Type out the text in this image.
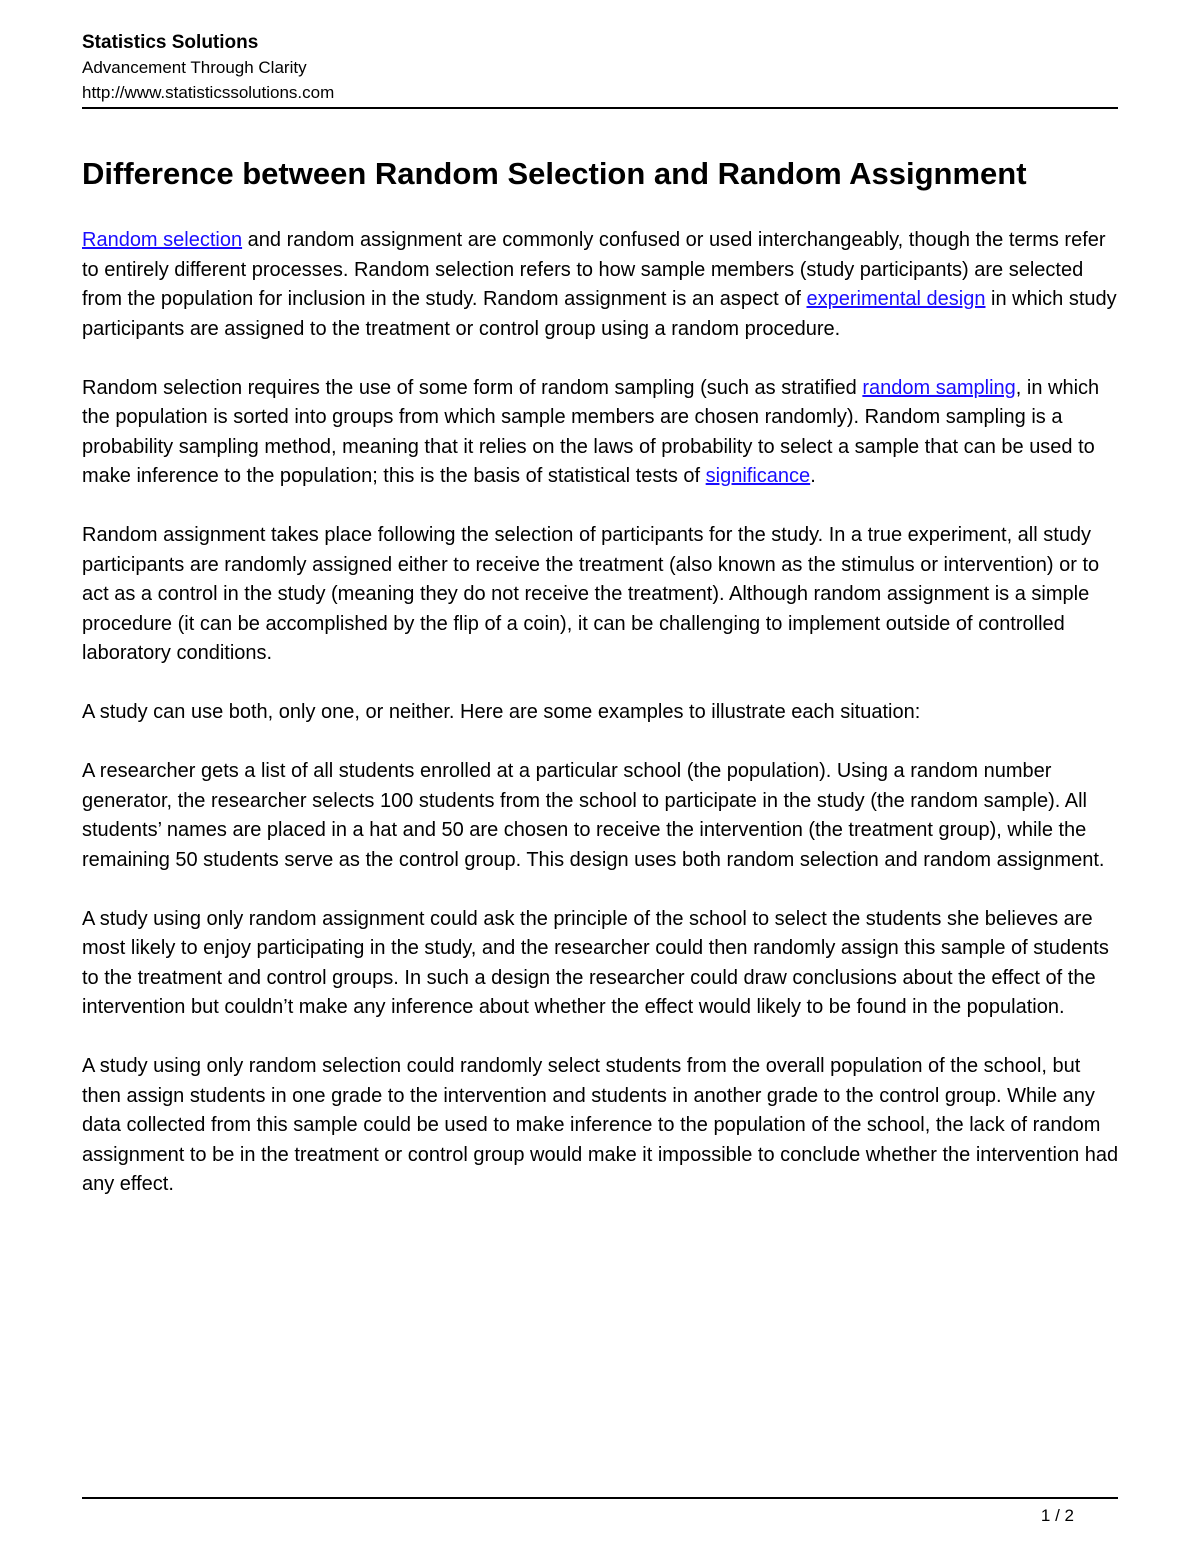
Statistics Solutions
Advancement Through Clarity
http://www.statisticssolutions.com
Difference between Random Selection and Random Assignment

Random selection and random assignment are commonly confused or used interchangeably, though the terms refer to entirely different processes. Random selection refers to how sample members (study participants) are selected from the population for inclusion in the study. Random assignment is an aspect of experimental design in which study participants are assigned to the treatment or control group using a random procedure.

Random selection requires the use of some form of random sampling (such as stratified random sampling, in which the population is sorted into groups from which sample members are chosen randomly). Random sampling is a probability sampling method, meaning that it relies on the laws of probability to select a sample that can be used to make inference to the population; this is the basis of statistical tests of significance.

Random assignment takes place following the selection of participants for the study. In a true experiment, all study participants are randomly assigned either to receive the treatment (also known as the stimulus or intervention) or to act as a control in the study (meaning they do not receive the treatment). Although random assignment is a simple procedure (it can be accomplished by the flip of a coin), it can be challenging to implement outside of controlled laboratory conditions.

A study can use both, only one, or neither. Here are some examples to illustrate each situation:

A researcher gets a list of all students enrolled at a particular school (the population). Using a random number generator, the researcher selects 100 students from the school to participate in the study (the random sample). All students’ names are placed in a hat and 50 are chosen to receive the intervention (the treatment group), while the remaining 50 students serve as the control group. This design uses both random selection and random assignment.

A study using only random assignment could ask the principle of the school to select the students she believes are most likely to enjoy participating in the study, and the researcher could then randomly assign this sample of students to the treatment and control groups. In such a design the researcher could draw conclusions about the effect of the intervention but couldn’t make any inference about whether the effect would likely to be found in the population.

A study using only random selection could randomly select students from the overall population of the school, but then assign students in one grade to the intervention and students in another grade to the control group. While any data collected from this sample could be used to make inference to the population of the school, the lack of random assignment to be in the treatment or control group would make it impossible to conclude whether the intervention had any effect.

1 / 2
